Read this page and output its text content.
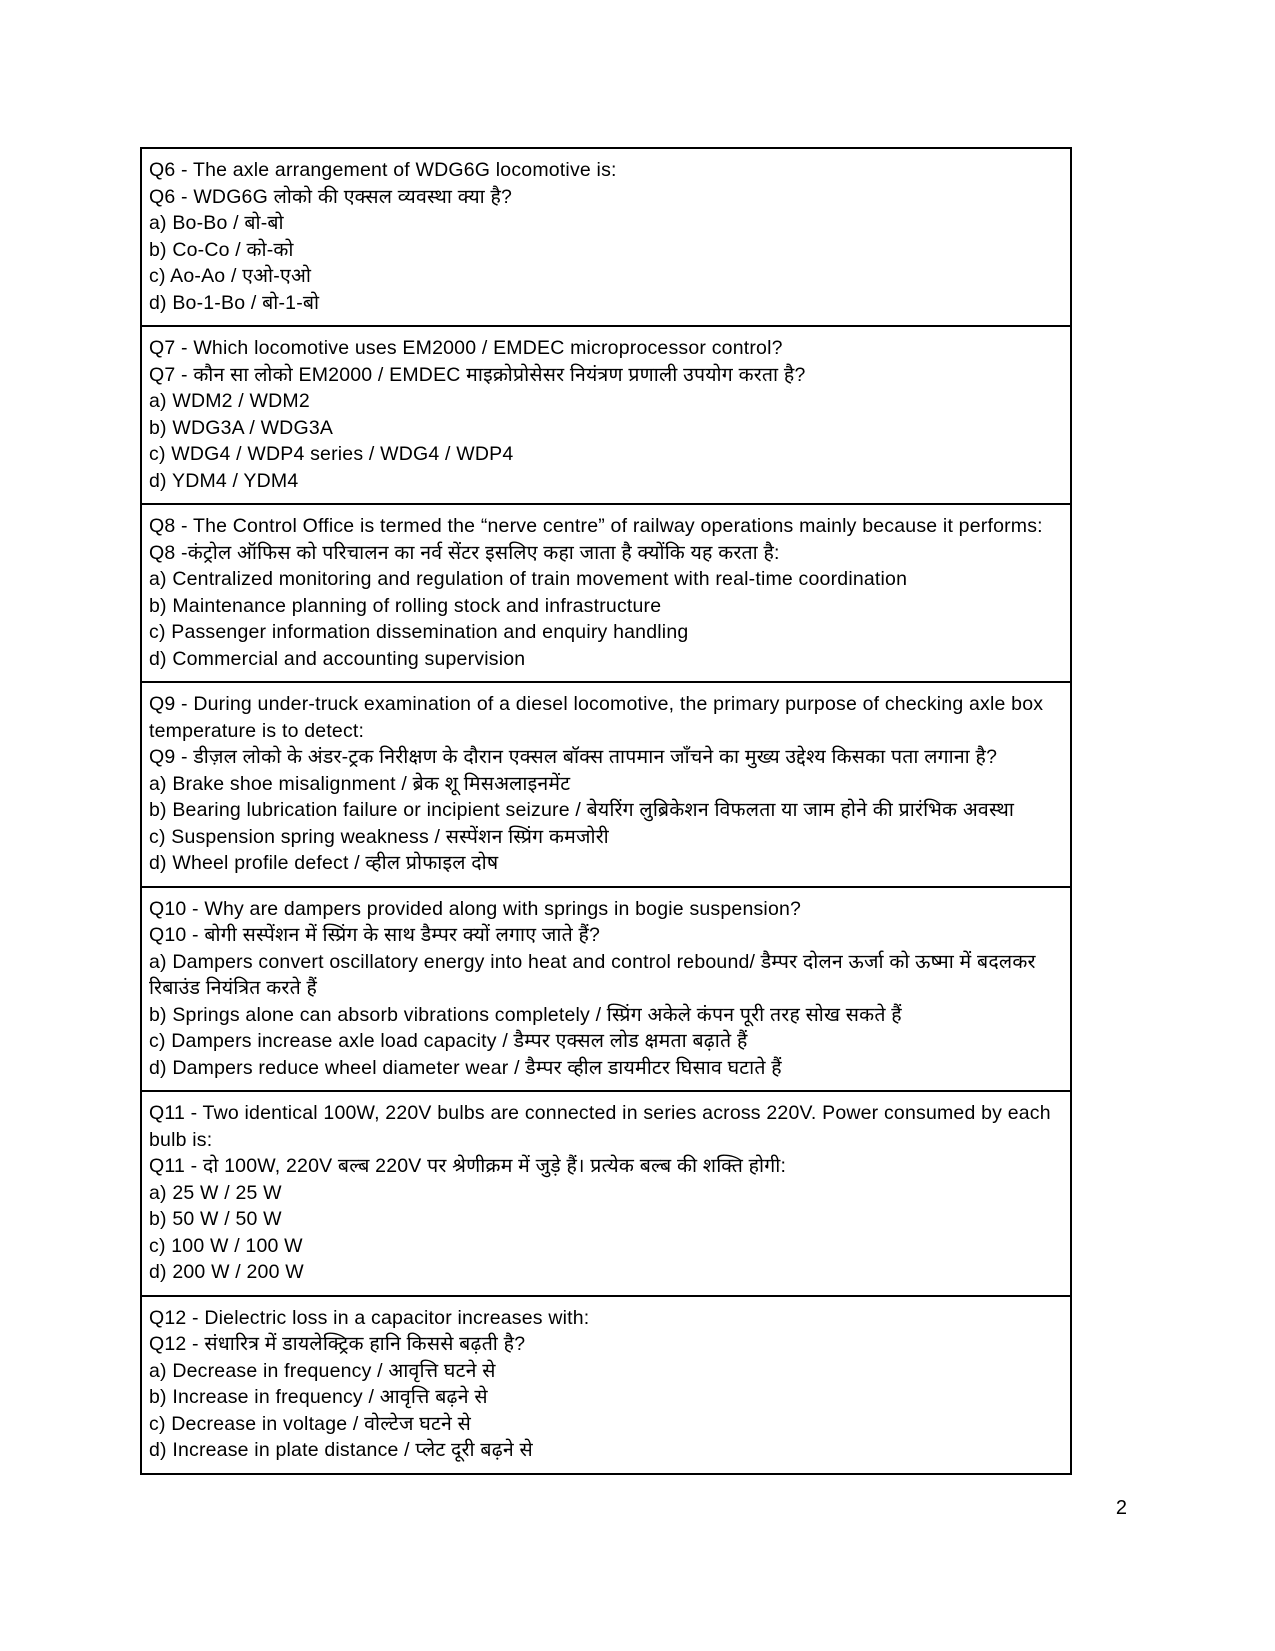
Q6 - The axle arrangement of WDG6G locomotive is:
Q6 - WDG6G लोको की एक्सल व्यवस्था क्या है?
a) Bo-Bo / बो-बो
b) Co-Co / को-को
c) Ao-Ao / एओ-एओ
d) Bo-1-Bo / बो-1-बो
Q7 - Which locomotive uses EM2000 / EMDEC microprocessor control?
Q7 - कौन सा लोको EM2000 / EMDEC माइक्रोप्रोसेसर नियंत्रण प्रणाली उपयोग करता है?
a) WDM2 / WDM2
b) WDG3A / WDG3A
c) WDG4 / WDP4 series / WDG4 / WDP4
d) YDM4 / YDM4
Q8 - The Control Office is termed the “nerve centre” of railway operations mainly because it performs:
Q8 -कंट्रोल ऑफिस को परिचालन का नर्व सेंटर इसलिए कहा जाता है क्योंकि यह करता है:
a) Centralized monitoring and regulation of train movement with real-time coordination
b) Maintenance planning of rolling stock and infrastructure
c) Passenger information dissemination and enquiry handling
d) Commercial and accounting supervision
Q9 - During under-truck examination of a diesel locomotive, the primary purpose of checking axle box temperature is to detect:
Q9 - डीज़ल लोको के अंडर-ट्रक निरीक्षण के दौरान एक्सल बॉक्स तापमान जाँचने का मुख्य उद्देश्य किसका पता लगाना है?
a) Brake shoe misalignment / ब्रेक शू मिसअलाइनमेंट
b) Bearing lubrication failure or incipient seizure / बेयरिंग लुब्रिकेशन विफलता या जाम होने की प्रारंभिक अवस्था
c) Suspension spring weakness / सस्पेंशन स्प्रिंग कमजोरी
d) Wheel profile defect / व्हील प्रोफाइल दोष
Q10 - Why are dampers provided along with springs in bogie suspension?
Q10 - बोगी सस्पेंशन में स्प्रिंग के साथ डैम्पर क्यों लगाए जाते हैं?
a) Dampers convert oscillatory energy into heat and control rebound/ डैम्पर दोलन ऊर्जा को ऊष्मा में बदलकर रिबाउंड नियंत्रित करते हैं
b) Springs alone can absorb vibrations completely / स्प्रिंग अकेले कंपन पूरी तरह सोख सकते हैं
c) Dampers increase axle load capacity / डैम्पर एक्सल लोड क्षमता बढ़ाते हैं
d) Dampers reduce wheel diameter wear / डैम्पर व्हील डायमीटर घिसाव घटाते हैं
Q11 - Two identical 100W, 220V bulbs are connected in series across 220V. Power consumed by each bulb is:
Q11 - दो 100W, 220V बल्ब 220V पर श्रेणीक्रम में जुड़े हैं। प्रत्येक बल्ब की शक्ति होगी:
a) 25 W / 25 W
b) 50 W / 50 W
c) 100 W / 100 W
d) 200 W / 200 W
Q12 - Dielectric loss in a capacitor increases with:
Q12 - संधारित्र में डायलेक्ट्रिक हानि किससे बढ़ती है?
a) Decrease in frequency / आवृत्ति घटने से
b) Increase in frequency / आवृत्ति बढ़ने से
c) Decrease in voltage / वोल्टेज घटने से
d) Increase in plate distance / प्लेट दूरी बढ़ने से
2
